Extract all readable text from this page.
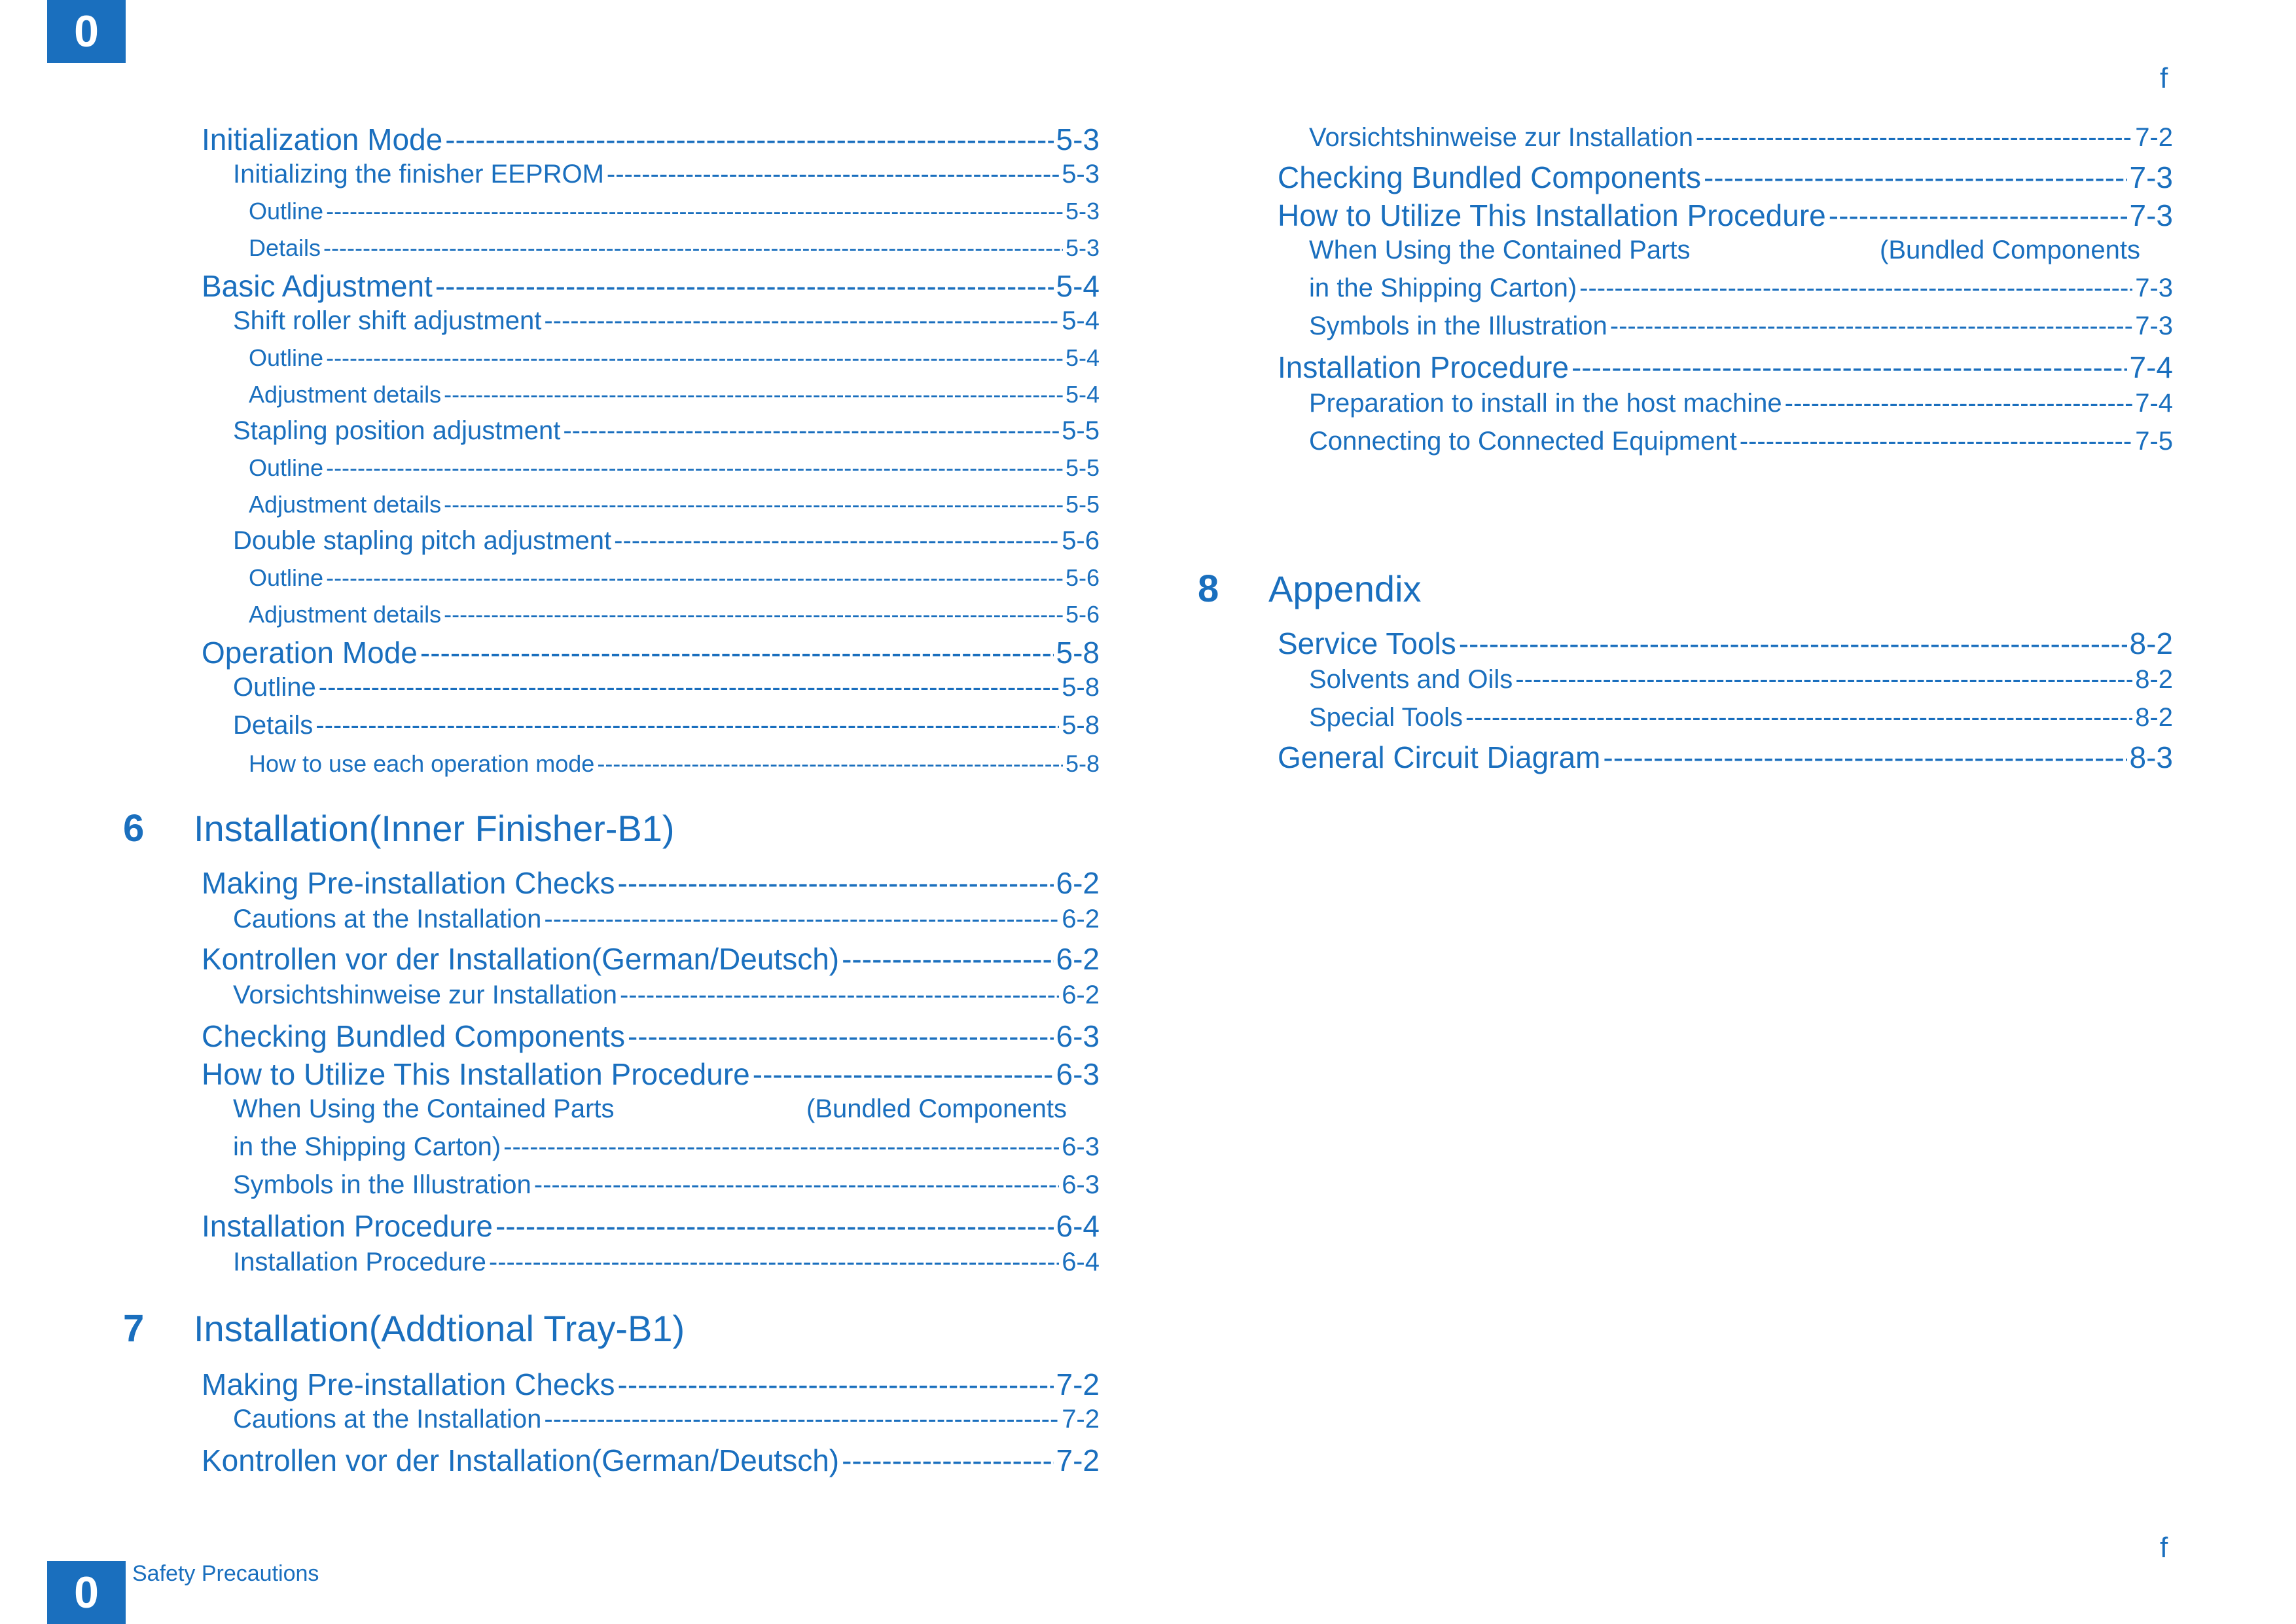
0
f
0	Safety Precautions
f
Initialization Mode -----	5-3
Initializing the finisher EEPROM -----	5-3
Outline -----	5-3
Details -----	5-3
Basic Adjustment -----	5-4
Shift roller shift adjustment -----	5-4
Outline -----	5-4
Adjustment details -----	5-4
Stapling position adjustment -----	5-5
Outline -----	5-5
Adjustment details -----	5-5
Double stapling pitch adjustment -----	5-6
Outline -----	5-6
Adjustment details -----	5-6
Operation Mode -----	5-8
Outline -----	5-8
Details -----	5-8
How to use each operation mode -----	5-8
6	Installation(Inner Finisher-B1)
Making Pre-installation Checks -----	6-2
Cautions at the Installation -----	6-2
Kontrollen vor der Installation(German/Deutsch) -----	6-2
Vorsichtshinweise zur Installation -----	6-2
Checking Bundled Components -----	6-3
How to Utilize This Installation Procedure -----	6-3
When Using the Contained Parts	(Bundled Components
in the Shipping Carton) -----	6-3
Symbols in the Illustration -----	6-3
Installation Procedure -----	6-4
Installation Procedure -----	6-4
7	Installation(Addtional Tray-B1)
Making Pre-installation Checks -----	7-2
Cautions at the Installation -----	7-2
Kontrollen vor der Installation(German/Deutsch) -----	7-2
Vorsichtshinweise zur Installation -----	7-2
Checking Bundled Components -----	7-3
How to Utilize This Installation Procedure -----	7-3
When Using the Contained Parts	(Bundled Components
in the Shipping Carton) -----	7-3
Symbols in the Illustration -----	7-3
Installation Procedure -----	7-4
Preparation to install in the host machine -----	7-4
Connecting to Connected Equipment -----	7-5
8	Appendix
Service Tools -----	8-2
Solvents and Oils -----	8-2
Special Tools -----	8-2
General Circuit Diagram -----	8-3
